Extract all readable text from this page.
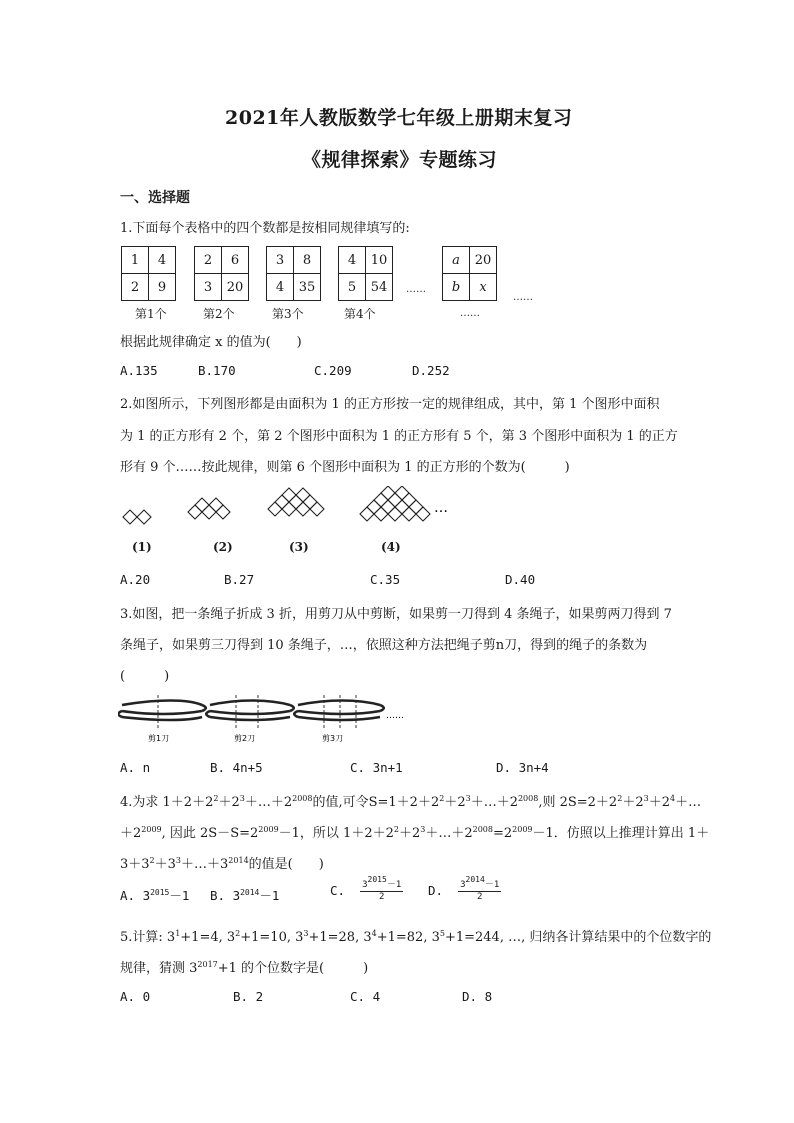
2021年人教版数学七年级上册期末复习
《规律探索》专题练习
一、选择题
1.下面每个表格中的四个数都是按相同规律填写的:
1	4
2	9
2	6
3	20
3	8
4	35
4	10
5	54 ……
a	20
b	x
……
第1个	第2个	第3个	第4个	……
根据此规律确定 x 的值为(　　)
A.135	B.170	C.209	D.252
2.如图所示，下列图形都是由面积为 1 的正方形按一定的规律组成，其中，第 1 个图形中面积
为 1 的正方形有 2 个，第 2 个图形中面积为 1 的正方形有 5 个，第 3 个图形中面积为 1 的正方
形有 9 个……按此规律，则第 6 个图形中面积为 1 的正方形的个数为(　　　)
…
(1)	(2)	(3)	(4)
A.20	B.27	C.35	D.40
3.如图，把一条绳子折成 3 折，用剪刀从中剪断，如果剪一刀得到 4 条绳子，如果剪两刀得到 7
条绳子，如果剪三刀得到 10 条绳子，…，依照这种方法把绳子剪n刀，得到的绳子的条数为
(　　　)
剪1刀	剪2刀	剪3刀
……
A. n	B. 4n+5	C. 3n+1	D. 3n+4
4.为求 $1+2+2^2+2^3+\dots+2^{2008}$的值,可令$S=1+2+2^2+2^3+\dots+2^{2008}$,则 $2S=2+2^2+2^3+2^4+\dots$
$+2^{2009}$, 因此 $2S-S=2^{2009}-1$，所以 $1+2+2^2+2^3+\dots+2^{2008}=2^{2009}-1$．仿照以上推理计算出 1＋
$3+3^2+3^3+\dots+3^{2014}$的值是(　　)
A. $3^{2015}-1$ B. $3^{2014}-1$	C. $\frac{3^{2015}-1}{2} D$. $\frac{3^{2014}-1}{2}$
5.计算: $3^1+1=4$, $3^2+1=10$, $3^3+1=28$, $3^4+1=82$, $3^5+1=244$, …, 归纳各计算结果中的个位数字的
规律，猜测 $3^{2017}+1$ 的个位数字是(　　　)
A. 0	B. 2	C. 4	D. 8
